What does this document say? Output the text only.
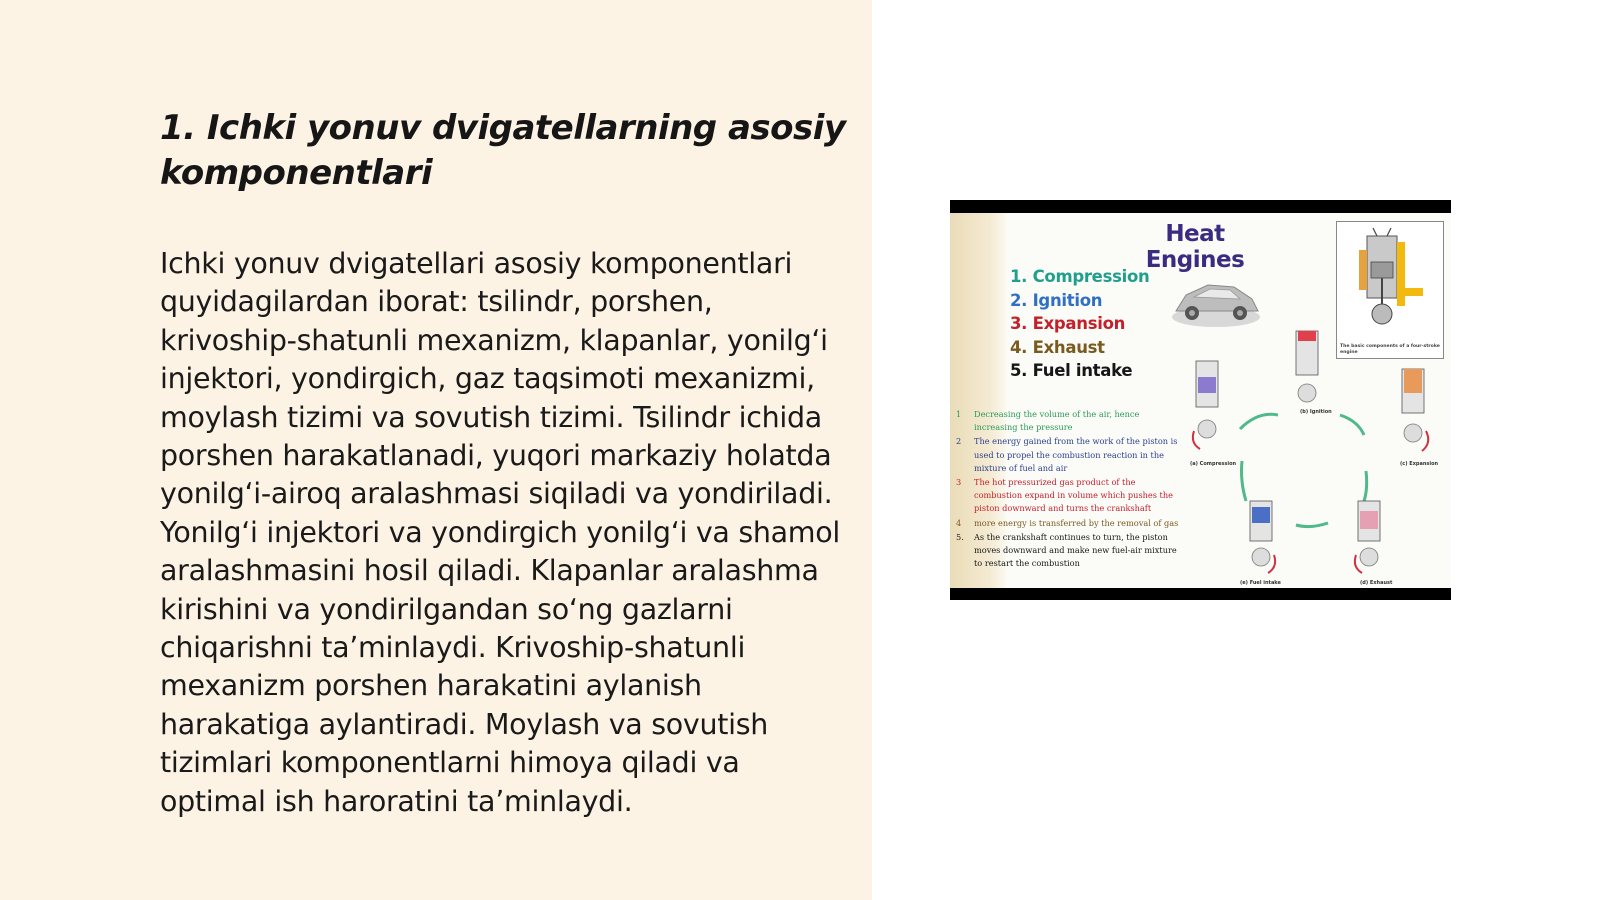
1. Ichki yonuv dvigatellarning asosiy komponentlari

Ichki yonuv dvigatellari asosiy komponentlari quyidagilardan iborat: tsilindr, porshen, krivoship-shatunli mexanizm, klapanlar, yonilgʻi injektori, yondirgich, gaz taqsimoti mexanizmi, moylash tizimi va sovutish tizimi. Tsilindr ichida porshen harakatlanadi, yuqori markaziy holatda yonilgʻi-airoq aralashmasi siqiladi va yondiriladi. Yonilgʻi injektori va yondirgich yonilgʻi va shamol aralashmasini hosil qiladi. Klapanlar aralashma kirishini va yondirilgandan soʻng gazlarni chiqarishni taʼminlaydi. Krivoship-shatunli mexanizm porshen harakatini aylanish harakatiga aylantiradi. Moylash va sovutish tizimlari komponentlarni himoya qiladi va optimal ish haroratini taʼminlaydi.

Heat Engines
1. Compression
2. Ignition
3. Expansion
4. Exhaust
5. Fuel intake
The basic components of a four-stroke engine
1 Decreasing the volume of the air, hence increasing the pressure
2 The energy gained from the work of the piston is used to propel the combustion reaction in the mixture of fuel and air
3 The hot pressurized gas product of the combustion expand in volume which pushes the piston downward and turns the crankshaft
4 more energy is transferred by the removal of gas
5. As the crankshaft continues to turn, the piston moves downward and make new fuel-air mixture to restart the combustion
(a) Compression
(b) Ignition
(c) Expansion
(d) Exhaust
(e) Fuel intake
